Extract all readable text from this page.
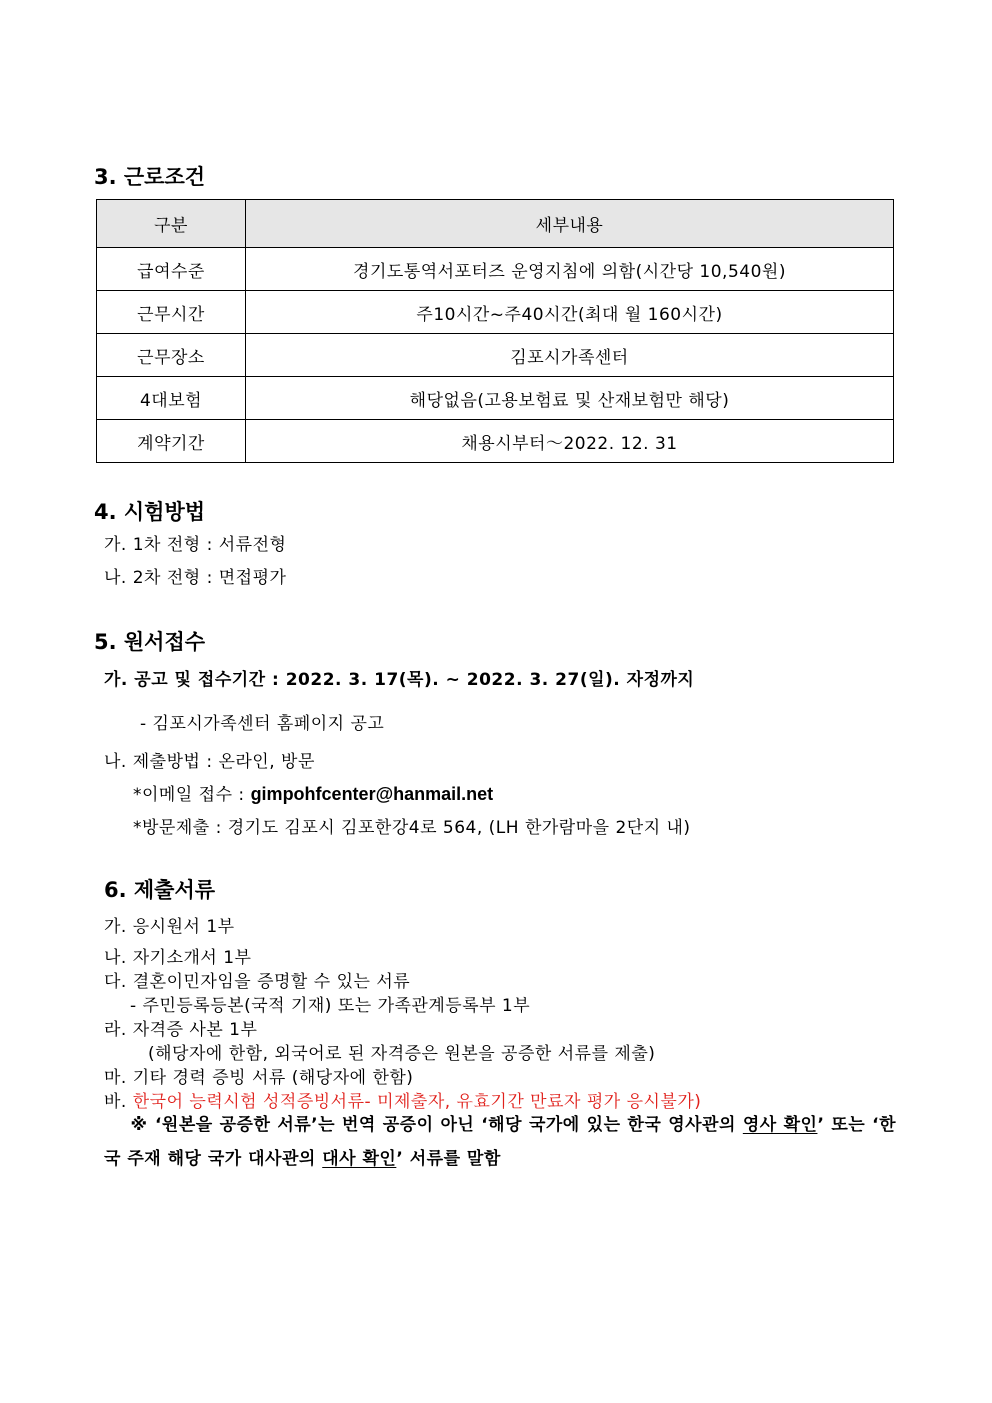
3. 근로조건
구분	세부내용
급여수준	경기도통역서포터즈 운영지침에 의함(시간당 10,540원)
근무시간	주10시간~주40시간(최대 월 160시간)
근무장소	김포시가족센터
4대보험	해당없음(고용보험료 및 산재보험만 해당)
계약기간	채용시부터～2022. 12. 31
4. 시험방법
가. 1차 전형 : 서류전형
나. 2차 전형 : 면접평가
5. 원서접수
가. 공고 및 접수기간 : 2022. 3. 17(목). ~ 2022. 3. 27(일). 자정까지
- 김포시가족센터 홈페이지 공고
나. 제출방법 : 온라인, 방문
*이메일 접수 : gimpohfcenter@hanmail.net
*방문제출 : 경기도 김포시 김포한강4로 564, (LH 한가람마을 2단지 내)
6. 제출서류
가. 응시원서 1부
나. 자기소개서 1부
다. 결혼이민자임을 증명할 수 있는 서류
- 주민등록등본(국적 기재) 또는 가족관계등록부 1부
라. 자격증 사본 1부
(해당자에 한함, 외국어로 된 자격증은 원본을 공증한 서류를 제출)
마. 기타 경력 증빙 서류 (해당자에 한함)
바. 한국어 능력시험 성적증빙서류- 미제출자, 유효기간 만료자 평가 응시불가)
※ ‘원본을 공증한 서류’는 번역 공증이 아닌 ‘해당 국가에 있는 한국 영사관의 영사 확인’ 또는 ‘한국 주재 해당 국가 대사관의 대사 확인’ 서류를 말함
